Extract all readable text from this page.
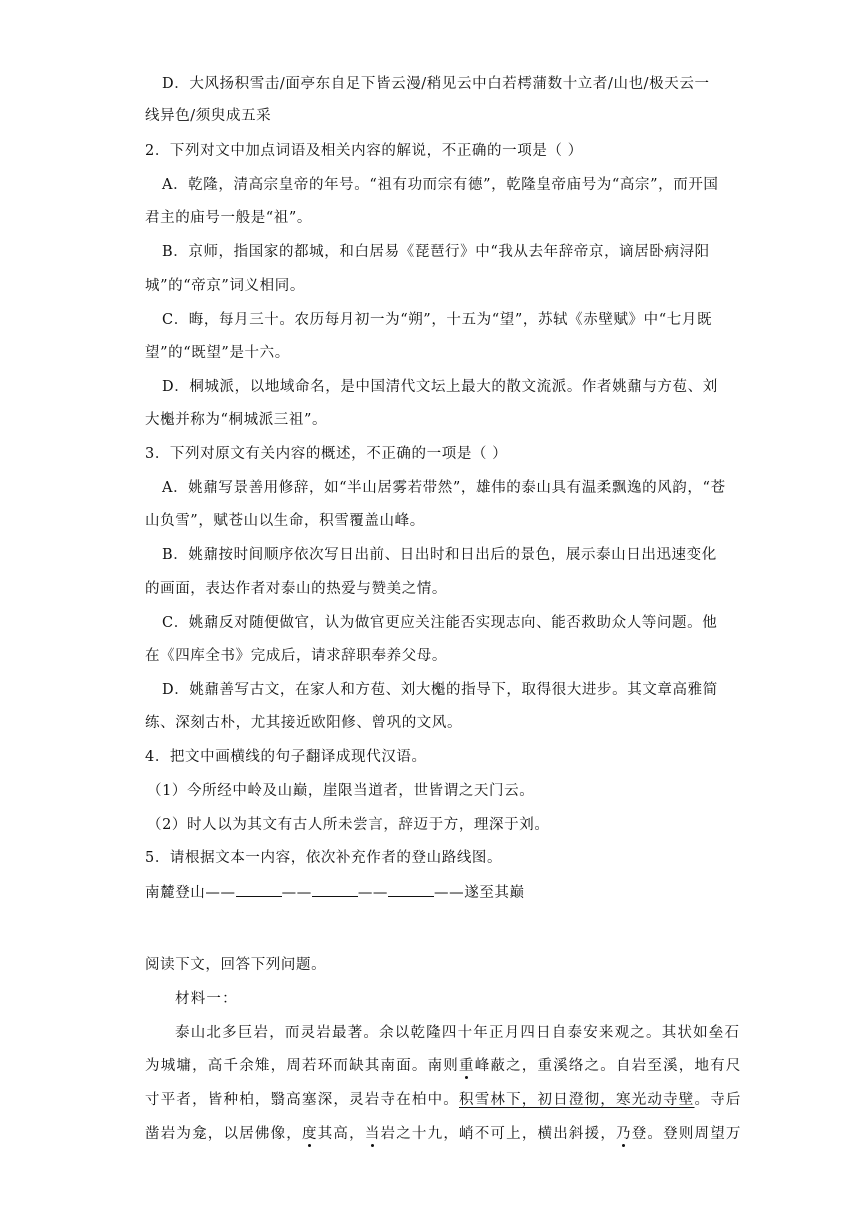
D．大风扬积雪击/面亭东自足下皆云漫/稍见云中白若樗蒲数十立者/山也/极天云一
线异色/须臾成五采
2．下列对文中加点词语及相关内容的解说，不正确的一项是（ ）
A．乾隆，清高宗皇帝的年号。“祖有功而宗有德”，乾隆皇帝庙号为“高宗”，而开国
君主的庙号一般是“祖”。
B．京师，指国家的都城，和白居易《琵琶行》中“我从去年辞帝京，谪居卧病浔阳
城”的“帝京”词义相同。
C．晦，每月三十。农历每月初一为“朔”，十五为“望”，苏轼《赤壁赋》中“七月既
望”的“既望”是十六。
D．桐城派，以地域命名，是中国清代文坛上最大的散文流派。作者姚鼐与方苞、刘
大櫆并称为“桐城派三祖”。
3．下列对原文有关内容的概述，不正确的一项是（ ）
A．姚鼐写景善用修辞，如“半山居雾若带然”，雄伟的泰山具有温柔飘逸的风韵，“苍
山负雪”，赋苍山以生命，积雪覆盖山峰。
B．姚鼐按时间顺序依次写日出前、日出时和日出后的景色，展示泰山日出迅速变化
的画面，表达作者对泰山的热爱与赞美之情。
C．姚鼐反对随便做官，认为做官更应关注能否实现志向、能否救助众人等问题。他
在《四库全书》完成后，请求辞职奉养父母。
D．姚鼐善写古文，在家人和方苞、刘大櫆的指导下，取得很大进步。其文章高雅简
练、深刻古朴，尤其接近欧阳修、曾巩的文风。
4．把文中画横线的句子翻译成现代汉语。
（1）今所经中岭及山巅，崖限当道者，世皆谓之天门云。
（2）时人以为其文有古人所未尝言，辞迈于方，理深于刘。
5．请根据文本一内容，依次补充作者的登山路线图。
南麓登山——	——	——	——遂至其巅
阅读下文，回答下列问题。
材料一：
泰山北多巨岩，而灵岩最著。余以乾隆四十年正月四日自泰安来观之。其状如垒石
为城墉，高千余雉，周若环而缺其南面。南则重峰蔽之，重溪络之。自岩至溪，地有尺
寸平者，皆种柏，翳高塞深，灵岩寺在柏中。积雪林下，初日澄彻，寒光动寺壁。寺后
凿岩为龛，以居佛像，度其高，当岩之十九，峭不可上，横出斜援，乃登。登则周望万
